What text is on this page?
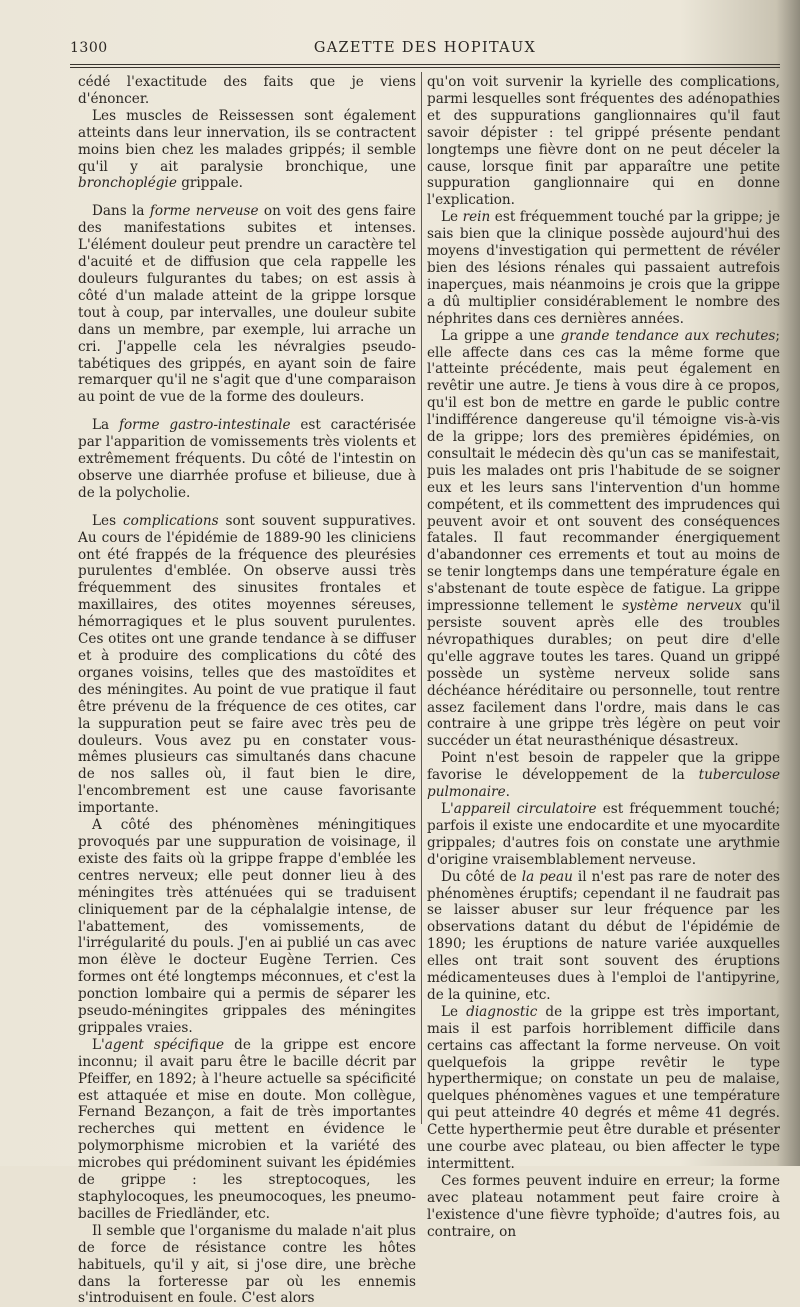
1300	GAZETTE DES HOPITAUX

cédé l'exactitude des faits que je viens d'énoncer.

Les muscles de Reissessen sont également atteints dans leur innervation, ils se contractent moins bien chez les malades grippés; il semble qu'il y ait paralysie bronchique, une bronchoplégie grippale.

Dans la forme nerveuse on voit des gens faire des manifestations subites et intenses. L'élément douleur peut prendre un caractère tel d'acuité et de diffusion que cela rappelle les douleurs fulgurantes du tabes; on est assis à côté d'un malade atteint de la grippe lorsque tout à coup, par intervalles, une douleur subite dans un membre, par exemple, lui arrache un cri. J'appelle cela les névralgies pseudo-tabétiques des grippés, en ayant soin de faire remarquer qu'il ne s'agit que d'une comparaison au point de vue de la forme des douleurs.

La forme gastro-intestinale est caractérisée par l'apparition de vomissements très violents et extrêmement fréquents. Du côté de l'intestin on observe une diarrhée profuse et bilieuse, due à de la polycholie.

Les complications sont souvent suppuratives. Au cours de l'épidémie de 1889-90 les cliniciens ont été frappés de la fréquence des pleurésies purulentes d'emblée. On observe aussi très fréquemment des sinusites frontales et maxillaires, des otites moyennes séreuses, hémorragiques et le plus souvent purulentes. Ces otites ont une grande tendance à se diffuser et à produire des complications du côté des organes voisins, telles que des mastoïdites et des méningites. Au point de vue pratique il faut être prévenu de la fréquence de ces otites, car la suppuration peut se faire avec très peu de douleurs. Vous avez pu en constater vous-mêmes plusieurs cas simultanés dans chacune de nos salles où, il faut bien le dire, l'encombrement est une cause favorisante importante.

A côté des phénomènes méningitiques provoqués par une suppuration de voisinage, il existe des faits où la grippe frappe d'emblée les centres nerveux; elle peut donner lieu à des méningites très atténuées qui se traduisent cliniquement par de la céphalalgie intense, de l'abattement, des vomissements, de l'irrégularité du pouls. J'en ai publié un cas avec mon élève le docteur Eugène Terrien. Ces formes ont été longtemps méconnues, et c'est la ponction lombaire qui a permis de séparer les pseudo-méningites grippales des méningites grippales vraies.

L'agent spécifique de la grippe est encore inconnu; il avait paru être le bacille décrit par Pfeiffer, en 1892; à l'heure actuelle sa spécificité est attaquée et mise en doute. Mon collègue, Fernand Bezançon, a fait de très importantes recherches qui mettent en évidence le polymorphisme microbien et la variété des microbes qui prédominent suivant les épidémies de grippe : les streptocoques, les staphylocoques, les pneumocoques, les pneumo-bacilles de Friedländer, etc.

Il semble que l'organisme du malade n'ait plus de force de résistance contre les hôtes habituels, qu'il y ait, si j'ose dire, une brèche dans la forteresse par où les ennemis s'introduisent en foule. C'est alors

qu'on voit survenir la kyrielle des complications, parmi lesquelles sont fréquentes des adénopathies et des suppurations ganglionnaires qu'il faut savoir dépister : tel grippé présente pendant longtemps une fièvre dont on ne peut déceler la cause, lorsque finit par apparaître une petite suppuration ganglionnaire qui en donne l'explication.

Le rein est fréquemment touché par la grippe; je sais bien que la clinique possède aujourd'hui des moyens d'investigation qui permettent de révéler bien des lésions rénales qui passaient autrefois inaperçues, mais néanmoins je crois que la grippe a dû multiplier considérablement le nombre des néphrites dans ces dernières années.

La grippe a une grande tendance aux rechutes; elle affecte dans ces cas la même forme que l'atteinte précédente, mais peut également en revêtir une autre. Je tiens à vous dire à ce propos, qu'il est bon de mettre en garde le public contre l'indifférence dangereuse qu'il témoigne vis-à-vis de la grippe; lors des premières épidémies, on consultait le médecin dès qu'un cas se manifestait, puis les malades ont pris l'habitude de se soigner eux et les leurs sans l'intervention d'un homme compétent, et ils commettent des imprudences qui peuvent avoir et ont souvent des conséquences fatales. Il faut recommander énergiquement d'abandonner ces errements et tout au moins de se tenir longtemps dans une température égale en s'abstenant de toute espèce de fatigue. La grippe impressionne tellement le système nerveux qu'il persiste souvent après elle des troubles névropathiques durables; on peut dire d'elle qu'elle aggrave toutes les tares. Quand un grippé possède un système nerveux solide sans déchéance héréditaire ou personnelle, tout rentre assez facilement dans l'ordre, mais dans le cas contraire à une grippe très légère on peut voir succéder un état neurasthénique désastreux.

Point n'est besoin de rappeler que la grippe favorise le développement de la tuberculose pulmonaire.

L'appareil circulatoire est fréquemment touché; parfois il existe une endocardite et une myocardite grippales; d'autres fois on constate une arythmie d'origine vraisemblablement nerveuse.

Du côté de la peau il n'est pas rare de noter des phénomènes éruptifs; cependant il ne faudrait pas se laisser abuser sur leur fréquence par les observations datant du début de l'épidémie de 1890; les éruptions de nature variée auxquelles elles ont trait sont souvent des éruptions médicamenteuses dues à l'emploi de l'antipyrine, de la quinine, etc.

Le diagnostic de la grippe est très important, mais il est parfois horriblement difficile dans certains cas affectant la forme nerveuse. On voit quelquefois la grippe revêtir le type hyperthermique; on constate un peu de malaise, quelques phénomènes vagues et une température qui peut atteindre 40 degrés et même 41 degrés. Cette hyperthermie peut être durable et présenter une courbe avec plateau, ou bien affecter le type intermittent.

Ces formes peuvent induire en erreur; la forme avec plateau notamment peut faire croire à l'existence d'une fièvre typhoïde; d'autres fois, au contraire, on
